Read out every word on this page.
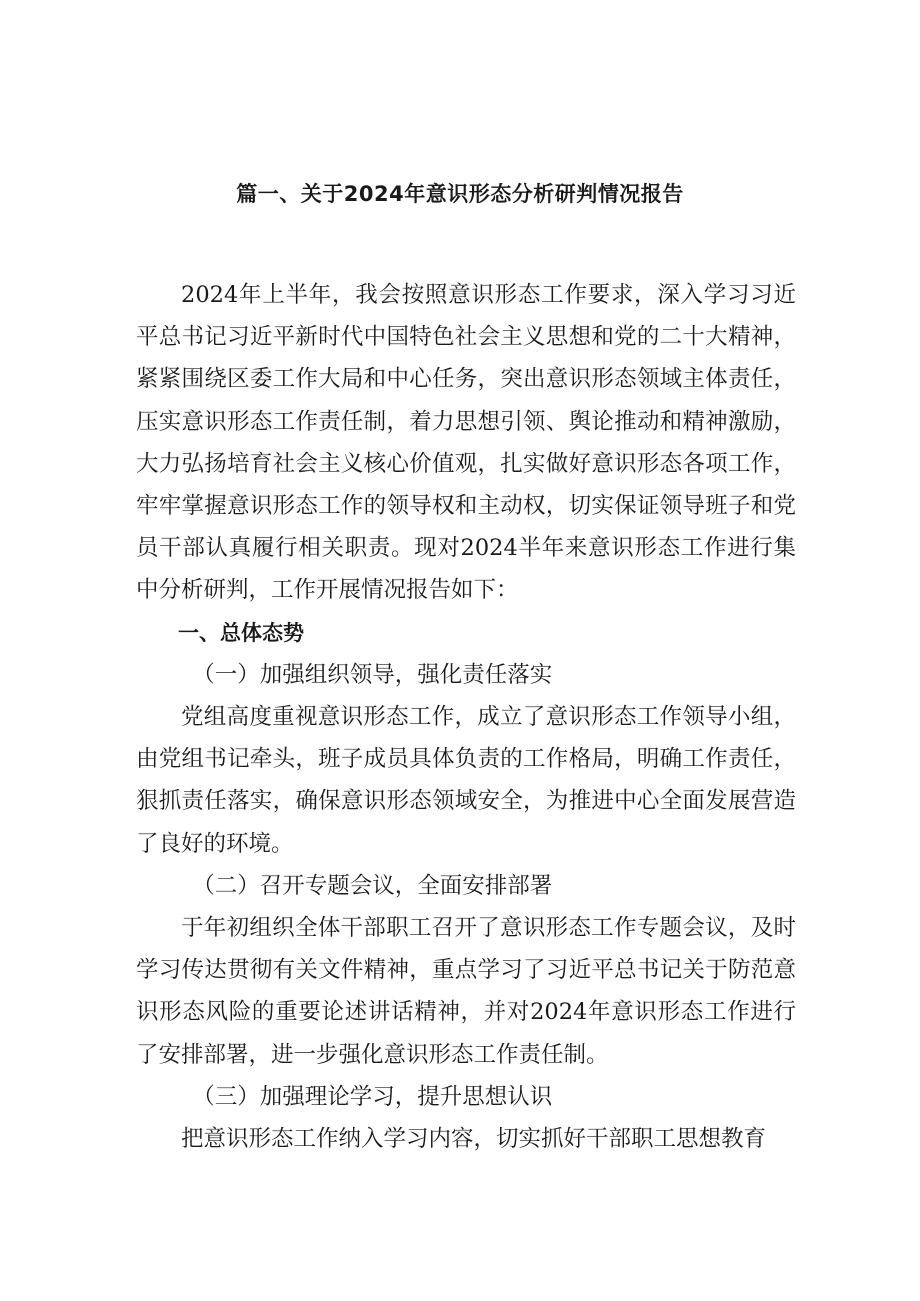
篇一、关于2024年意识形态分析研判情况报告

2024年上半年，我会按照意识形态工作要求，深入学习习近平总书记习近平新时代中国特色社会主义思想和党的二十大精神，紧紧围绕区委工作大局和中心任务，突出意识形态领域主体责任，压实意识形态工作责任制，着力思想引领、舆论推动和精神激励，大力弘扬培育社会主义核心价值观，扎实做好意识形态各项工作，牢牢掌握意识形态工作的领导权和主动权，切实保证领导班子和党员干部认真履行相关职责。现对2024半年来意识形态工作进行集中分析研判，工作开展情况报告如下：

一、总体态势

（一）加强组织领导，强化责任落实

党组高度重视意识形态工作，成立了意识形态工作领导小组，由党组书记牵头，班子成员具体负责的工作格局，明确工作责任，狠抓责任落实，确保意识形态领域安全，为推进中心全面发展营造了良好的环境。

（二）召开专题会议，全面安排部署

于年初组织全体干部职工召开了意识形态工作专题会议，及时学习传达贯彻有关文件精神，重点学习了习近平总书记关于防范意识形态风险的重要论述讲话精神，并对2024年意识形态工作进行了安排部署，进一步强化意识形态工作责任制。

（三）加强理论学习，提升思想认识

把意识形态工作纳入学习内容，切实抓好干部职工思想教育
